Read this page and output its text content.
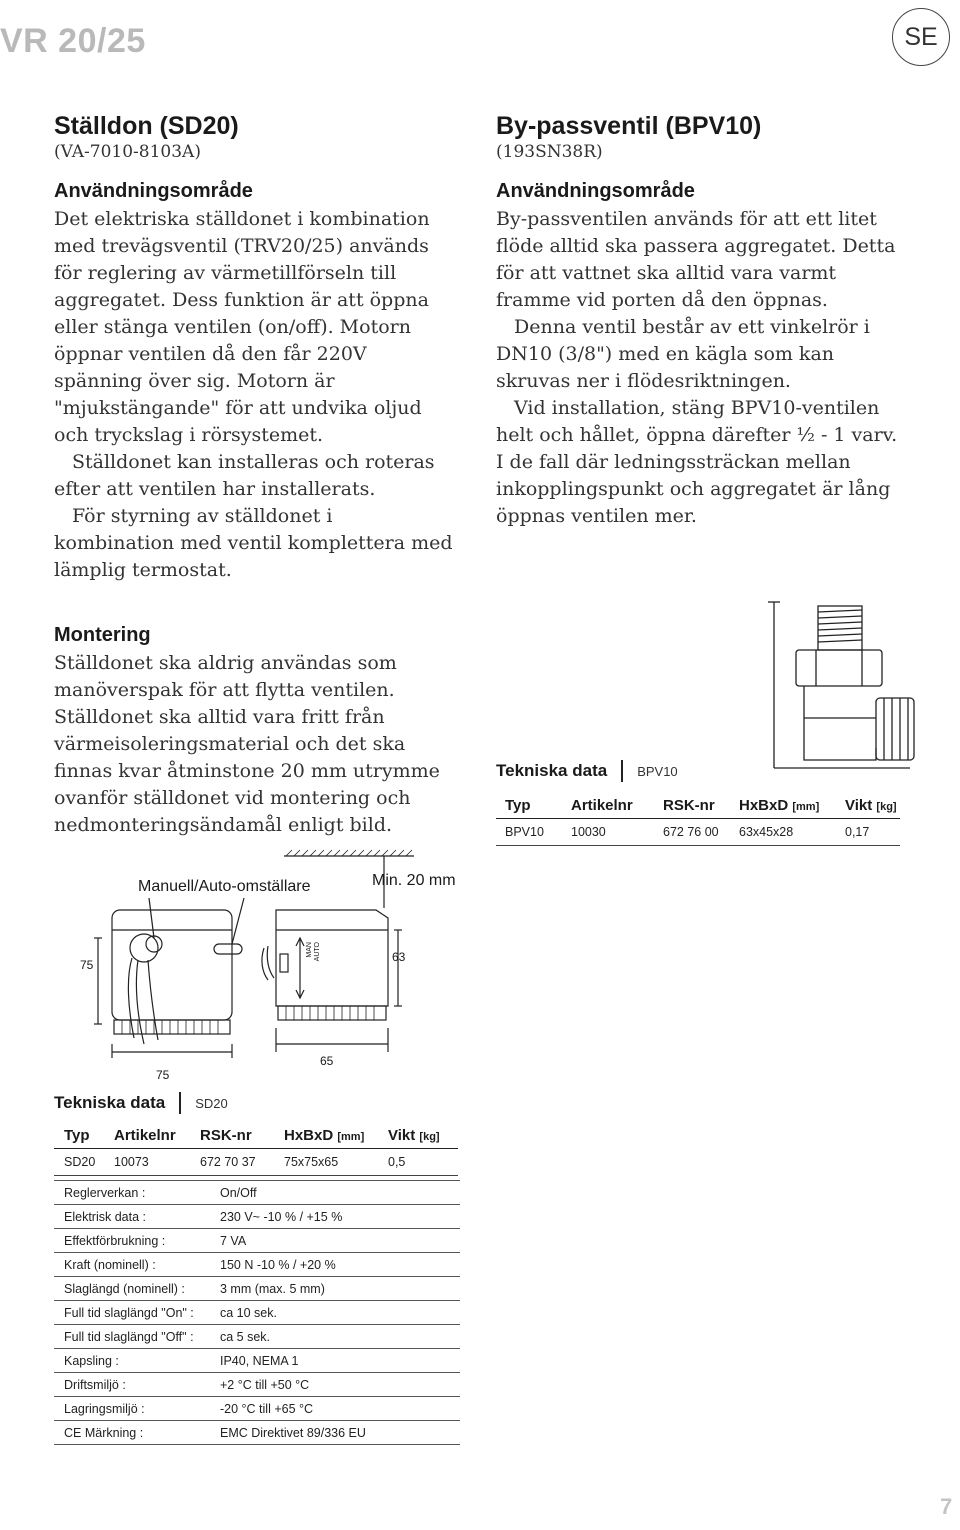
VR 20/25	SE
Ställdon (SD20)
(VA-7010-8103A)
Användningsområde

Det elektriska ställdonet i kombination med trevägsventil (TRV20/25) används för reglering av värmetillförseln till aggregatet. Dess funktion är att öppna eller stänga ventilen (on/off). Motorn öppnar ventilen då den får 220V spänning över sig. Motorn är "mjukstängande" för att undvika oljud och tryckslag i rörsystemet.

Ställdonet kan installeras och roteras efter att ventilen har installerats.

För styrning av ställdonet i kombination med ventil komplettera med lämplig termostat.

Montering

Ställdonet ska aldrig användas som manöverspak för att flytta ventilen. Ställdonet ska alltid vara fritt från värmeisoleringsmaterial och det ska finnas kvar åtminstone 20 mm utrymme ovanför ställdonet vid montering och nedmonteringsändamål enligt bild.

By-passventil (BPV10)
(193SN38R)
Användningsområde

By-passventilen används för att ett litet flöde alltid ska passera aggregatet. Detta för att vattnet ska alltid vara varmt framme vid porten då den öppnas.

Denna ventil består av ett vinkelrör i DN10 (3/8") med en kägla som kan skruvas ner i flödesriktningen.

Vid installation, stäng BPV10-ventilen helt och hållet, öppna därefter ½ - 1 varv. I de fall där ledningssträckan mellan inkopplingspunkt och aggregatet är lång öppnas ventilen mer.

Tekniska data BPV10
Typ	Artikelnr	RSK-nr	HxBxD [mm]	Vikt [kg]
BPV10	10030	672 76 00	63x45x28	0,17
Manuell/Auto-omställare	Min. 20 mm
75
63
75
65
MAN AUTO
Tekniska data SD20
Typ	Artikelnr	RSK-nr	HxBxD [mm]	Vikt [kg]
SD20	10073	672 70 37	75x75x65	0,5
Reglerverkan :	On/Off
Elektrisk data :	230 V~ -10 % / +15 %
Effektförbrukning :	7 VA
Kraft (nominell) :	150 N -10 % / +20 %
Slaglängd (nominell) :	3 mm (max. 5 mm)
Full tid slaglängd "On" :	ca 10 sek.
Full tid slaglängd "Off" :	ca 5 sek.
Kapsling :	IP40, NEMA 1
Driftsmiljö :	+2 °C till +50 °C
Lagringsmiljö :	-20 °C till +65 °C
CE Märkning :	EMC Direktivet 89/336 EU
7
